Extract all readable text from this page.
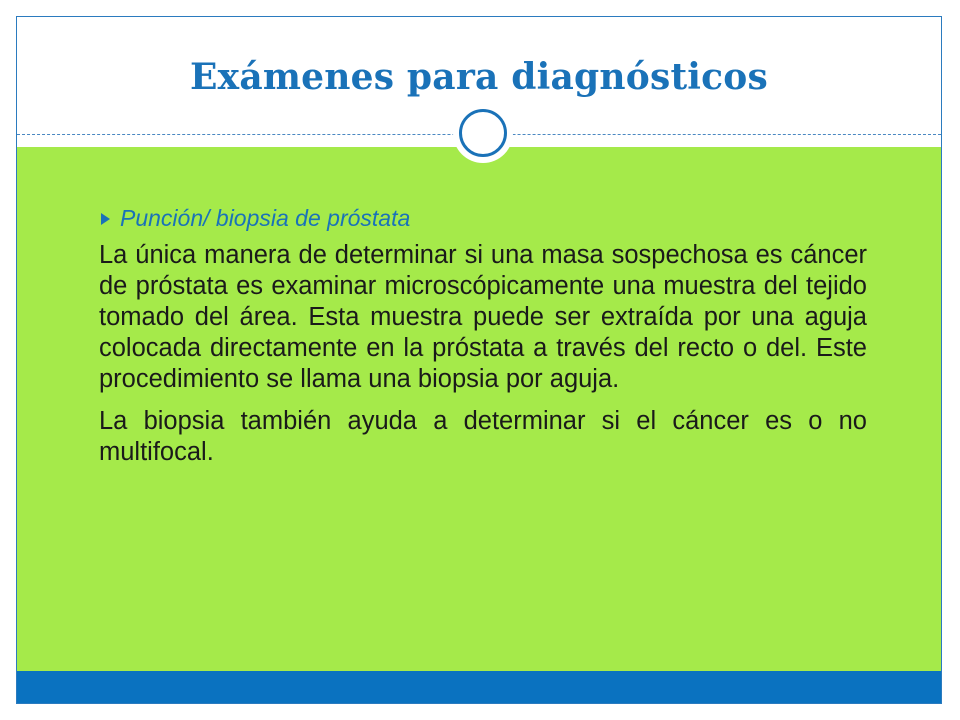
Exámenes para diagnósticos
Punción/ biopsia de próstata

La única manera de determinar si una masa sospechosa es cáncer de próstata es examinar microscópicamente una muestra del tejido tomado del área. Esta muestra puede ser extraída por una aguja colocada directamente en la próstata a través del recto o del. Este procedimiento se llama una biopsia por aguja.

La biopsia también ayuda a determinar si el cáncer es o no multifocal.
